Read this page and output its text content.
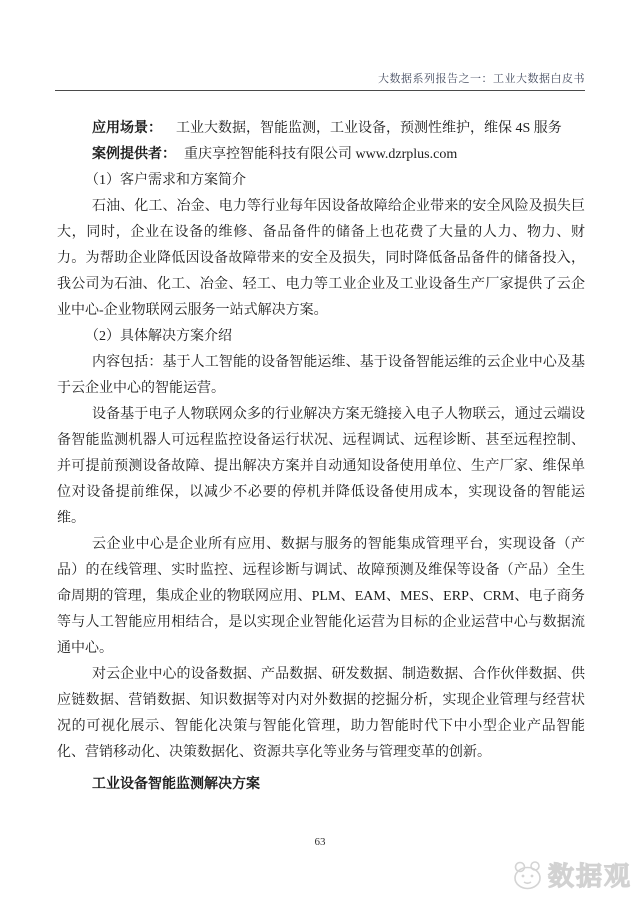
大数据系列报告之一：工业大数据白皮书
应用场景： 工业大数据，智能监测，工业设备，预测性维护，维保 4S 服务
案例提供者： 重庆享控智能科技有限公司 www.dzrplus.com
（1）客户需求和方案简介
石油、化工、冶金、电力等行业每年因设备故障给企业带来的安全风险及损失巨大，同时，企业在设备的维修、备品备件的储备上也花费了大量的人力、物力、财力。为帮助企业降低因设备故障带来的安全及损失，同时降低备品备件的储备投入，我公司为石油、化工、冶金、轻工、电力等工业企业及工业设备生产厂家提供了云企业中心-企业物联网云服务一站式解决方案。
（2）具体解决方案介绍
内容包括：基于人工智能的设备智能运维、基于设备智能运维的云企业中心及基于云企业中心的智能运营。
设备基于电子人物联网众多的行业解决方案无缝接入电子人物联云，通过云端设备智能监测机器人可远程监控设备运行状况、远程调试、远程诊断、甚至远程控制、并可提前预测设备故障、提出解决方案并自动通知设备使用单位、生产厂家、维保单位对设备提前维保，以减少不必要的停机并降低设备使用成本，实现设备的智能运维。
云企业中心是企业所有应用、数据与服务的智能集成管理平台，实现设备（产品）的在线管理、实时监控、远程诊断与调试、故障预测及维保等设备（产品）全生命周期的管理，集成企业的物联网应用、PLM、EAM、MES、ERP、CRM、电子商务等与人工智能应用相结合，是以实现企业智能化运营为目标的企业运营中心与数据流通中心。
对云企业中心的设备数据、产品数据、研发数据、制造数据、合作伙伴数据、供应链数据、营销数据、知识数据等对内对外数据的挖掘分析，实现企业管理与经营状况的可视化展示、智能化决策与智能化管理，助力智能时代下中小型企业产品智能化、营销移动化、决策数据化、资源共享化等业务与管理变革的创新。
工业设备智能监测解决方案
63
数据观
